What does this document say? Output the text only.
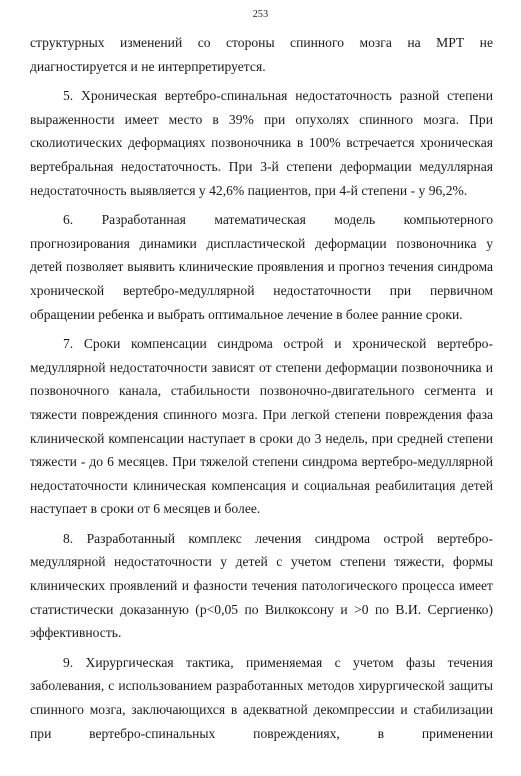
253

структурных изменений со стороны спинного мозга на МРТ не диагностируется и не интерпретируется.

5. Хроническая вертебро-спинальная недостаточность разной степени выраженности имеет место в 39% при опухолях спинного мозга. При сколиотических деформациях позвоночника в 100% встречается хроническая вертебральная недостаточность. При 3-й степени деформации медуллярная недостаточность выявляется у 42,6% пациентов, при 4-й степени - у 96,2%.

6. Разработанная математическая модель компьютерного прогнозирования динамики диспластической деформации позвоночника у детей позволяет выявить клинические проявления и прогноз течения синдрома хронической вертебро-медуллярной недостаточности при первичном обращении ребенка и выбрать оптимальное лечение в более ранние сроки.

7. Сроки компенсации синдрома острой и хронической вертебро-медуллярной недостаточности зависят от степени деформации позвоночника и позвоночного канала, стабильности позвоночно-двигательного сегмента и тяжести повреждения спинного мозга. При легкой степени повреждения фаза клинической компенсации наступает в сроки до 3 недель, при средней степени тяжести - до 6 месяцев. При тяжелой степени синдрома вертебро-медуллярной недостаточности клиническая компенсация и социальная реабилитация детей наступает в сроки от 6 месяцев и более.

8. Разработанный комплекс лечения синдрома острой вертебро-медуллярной недостаточности у детей с учетом степени тяжести, формы клинических проявлений и фазности течения патологического процесса имеет статистически доказанную (р<0,05 по Вилкоксону и >0 по В.И. Сергиенко) эффективность.

9. Хирургическая тактика, применяемая с учетом фазы течения заболевания, с использованием разработанных методов хирургической защиты спинного мозга, заключающихся в адекватной декомпрессии и стабилизации при вертебро-спинальных повреждениях, в применении
